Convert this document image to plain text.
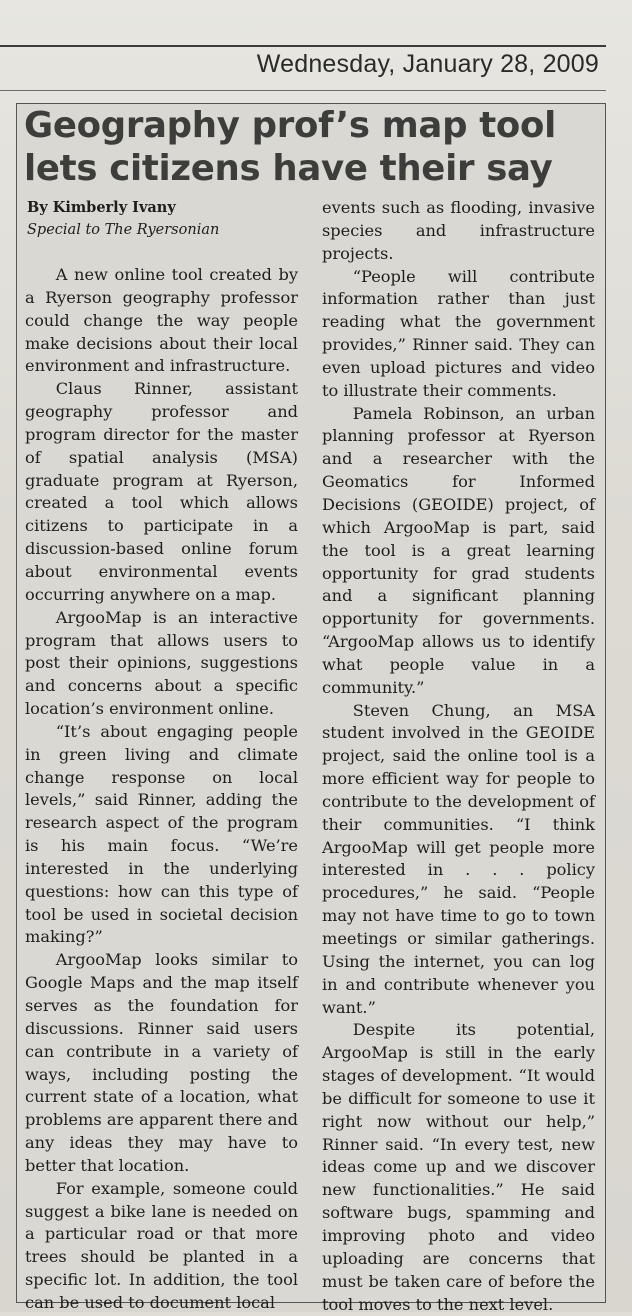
Wednesday, January 28, 2009
Geography prof’s map tool
lets citizens have their say
By Kimberly Ivany
Special to The Ryersonian

A new online tool created by a Ryerson geography professor could change the way people make decisions about their local environment and infrastructure.

Claus Rinner, assistant geography professor and program director for the master of spatial analysis (MSA) graduate program at Ryerson, created a tool which allows citizens to participate in a discussion-based online forum about environmental events occurring anywhere on a map.

ArgooMap is an interactive program that allows users to post their opinions, suggestions and concerns about a specific location’s environment online.

“It’s about engaging people in green living and climate change response on local levels,” said Rinner, adding the research aspect of the program is his main focus. “We’re interested in the underlying questions: how can this type of tool be used in societal decision making?”

ArgooMap looks similar to Google Maps and the map itself serves as the foundation for discussions. Rinner said users can contribute in a variety of ways, including posting the current state of a location, what problems are apparent there and any ideas they may have to better that location.

For example, someone could suggest a bike lane is needed on a particular road or that more trees should be planted in a specific lot. In addition, the tool can be used to document local

events such as flooding, invasive species and infrastructure projects.

“People will contribute information rather than just reading what the government provides,” Rinner said. They can even upload pictures and video to illustrate their comments.

Pamela Robinson, an urban planning professor at Ryerson and a researcher with the Geomatics for Informed Decisions (GEOIDE) project, of which ArgooMap is part, said the tool is a great learning opportunity for grad students and a significant planning opportunity for governments. “ArgooMap allows us to identify what people value in a community.”

Steven Chung, an MSA student involved in the GEOIDE project, said the online tool is a more efficient way for people to contribute to the development of their communities. “I think ArgooMap will get people more interested in . . . policy procedures,” he said. “People may not have time to go to town meetings or similar gatherings. Using the internet, you can log in and contribute whenever you want.”

Despite its potential, ArgooMap is still in the early stages of development. “It would be difficult for someone to use it right now without our help,” Rinner said. “In every test, new ideas come up and we discover new functionalities.” He said software bugs, spamming and improving photo and video uploading are concerns that must be taken care of before the tool moves to the next level.
